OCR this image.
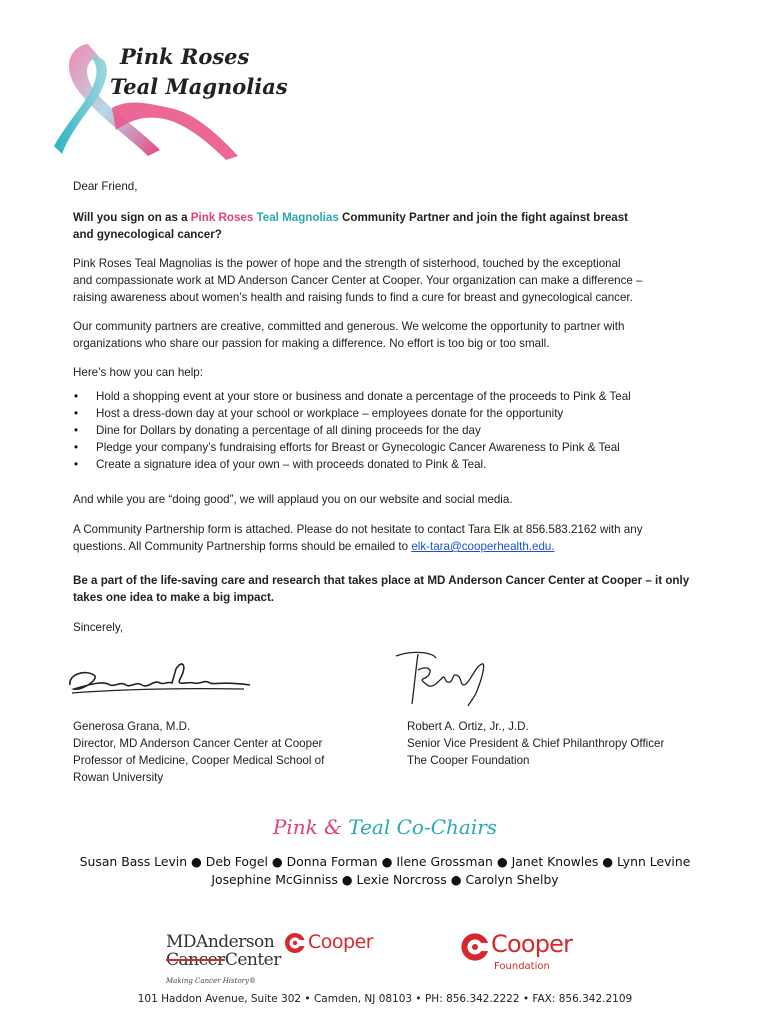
Pink Roses
Teal Magnolias
Dear Friend,
Will you sign on as a Pink Roses Teal Magnolias Community Partner and join the fight against breast and gynecological cancer?
Pink Roses Teal Magnolias is the power of hope and the strength of sisterhood, touched by the exceptional and compassionate work at MD Anderson Cancer Center at Cooper. Your organization can make a difference – raising awareness about women’s health and raising funds to find a cure for breast and gynecological cancer.
Our community partners are creative, committed and generous. We welcome the opportunity to partner with organizations who share our passion for making a difference. No effort is too big or too small.
Here’s how you can help:
• Hold a shopping event at your store or business and donate a percentage of the proceeds to Pink & Teal
• Host a dress-down day at your school or workplace – employees donate for the opportunity
• Dine for Dollars by donating a percentage of all dining proceeds for the day
• Pledge your company’s fundraising efforts for Breast or Gynecologic Cancer Awareness to Pink & Teal
• Create a signature idea of your own – with proceeds donated to Pink & Teal.
And while you are “doing good”, we will applaud you on our website and social media.
A Community Partnership form is attached. Please do not hesitate to contact Tara Elk at 856.583.2162 with any questions. All Community Partnership forms should be emailed to elk-tara@cooperhealth.edu.
Be a part of the life-saving care and research that takes place at MD Anderson Cancer Center at Cooper – it only takes one idea to make a big impact.
Sincerely,
Generosa Grana, M.D.
Director, MD Anderson Cancer Center at Cooper
Professor of Medicine, Cooper Medical School of
Rowan University
Robert A. Ortiz, Jr., J.D.
Senior Vice President & Chief Philanthropy Officer
The Cooper Foundation
Pink & Teal Co-Chairs
Susan Bass Levin ● Deb Fogel ● Donna Forman ● Ilene Grossman ● Janet Knowles ● Lynn Levine
Josephine McGinniss ● Lexie Norcross ● Carolyn Shelby
MDAnderson
CancerCenter
Making Cancer History®
Cooper	Cooper
Foundation
101 Haddon Avenue, Suite 302 • Camden, NJ 08103 • PH: 856.342.2222 • FAX: 856.342.2109
